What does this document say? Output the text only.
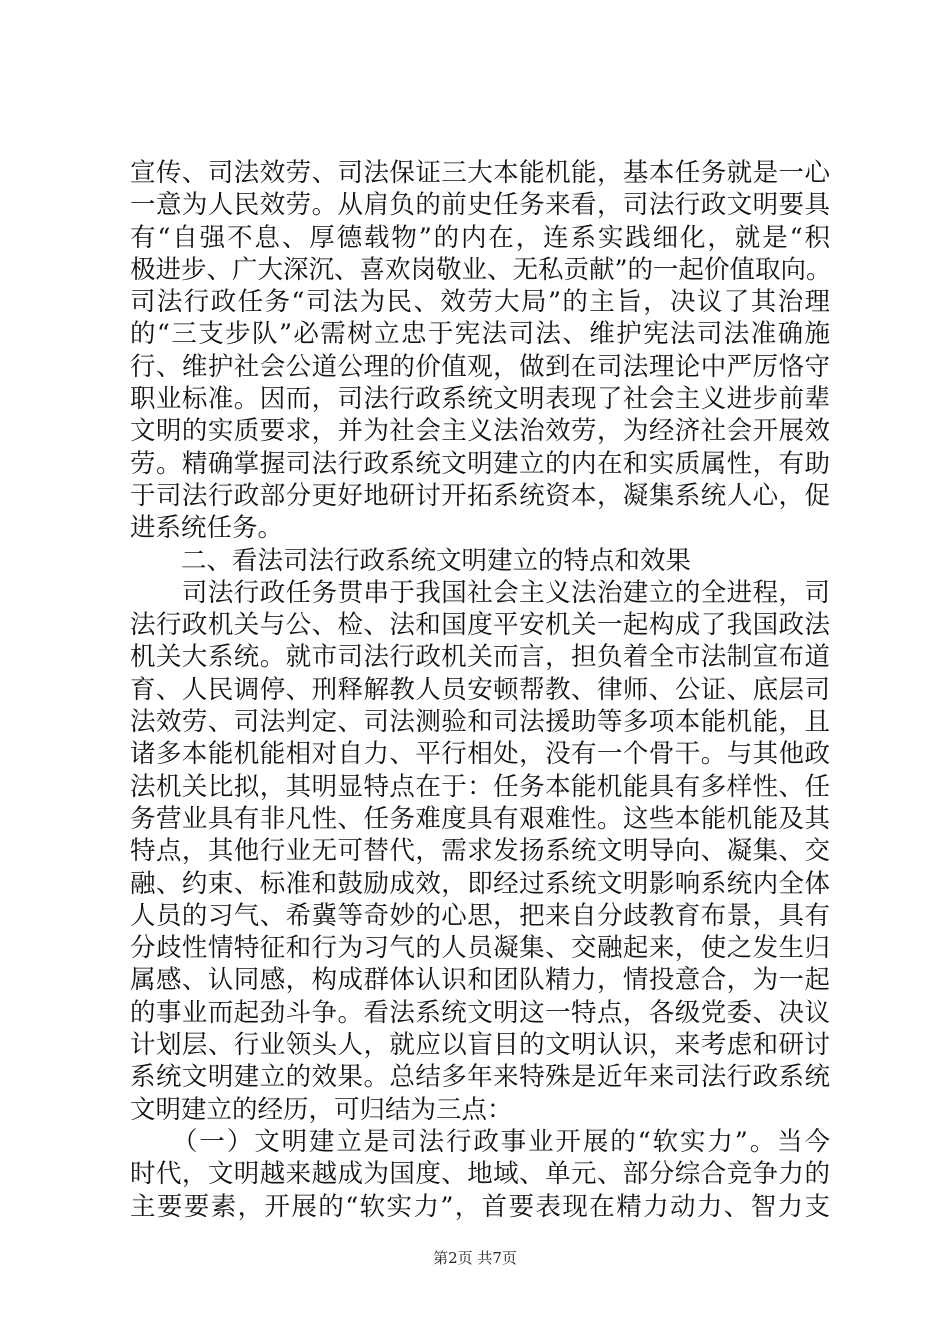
宣传、司法效劳、司法保证三大本能机能，基本任务就是一心
一意为人民效劳。从肩负的前史任务来看，司法行政文明要具
有“自强不息、厚德载物”的内在，连系实践细化，就是“积
极进步、广大深沉、喜欢岗敬业、无私贡献”的一起价值取向。
司法行政任务“司法为民、效劳大局”的主旨，决议了其治理
的“三支步队”必需树立忠于宪法司法、维护宪法司法准确施
行、维护社会公道公理的价值观，做到在司法理论中严厉恪守
职业标准。因而，司法行政系统文明表现了社会主义进步前辈
文明的实质要求，并为社会主义法治效劳，为经济社会开展效
劳。精确掌握司法行政系统文明建立的内在和实质属性，有助
于司法行政部分更好地研讨开拓系统资本，凝集系统人心，促
进系统任务。
　　二、看法司法行政系统文明建立的特点和效果
　　司法行政任务贯串于我国社会主义法治建立的全进程，司
法行政机关与公、检、法和国度平安机关一起构成了我国政法
机关大系统。就市司法行政机关而言，担负着全市法制宣布道
育、人民调停、刑释解教人员安顿帮教、律师、公证、底层司
法效劳、司法判定、司法测验和司法援助等多项本能机能，且
诸多本能机能相对自力、平行相处，没有一个骨干。与其他政
法机关比拟，其明显特点在于：任务本能机能具有多样性、任
务营业具有非凡性、任务难度具有艰难性。这些本能机能及其
特点，其他行业无可替代，需求发扬系统文明导向、凝集、交
融、约束、标准和鼓励成效，即经过系统文明影响系统内全体
人员的习气、希冀等奇妙的心思，把来自分歧教育布景，具有
分歧性情特征和行为习气的人员凝集、交融起来，使之发生归
属感、认同感，构成群体认识和团队精力，情投意合，为一起
的事业而起劲斗争。看法系统文明这一特点，各级党委、决议
计划层、行业领头人，就应以盲目的文明认识，来考虑和研讨
系统文明建立的效果。总结多年来特殊是近年来司法行政系统
文明建立的经历，可归结为三点：
　　（一）文明建立是司法行政事业开展的“软实力”。当今
时代，文明越来越成为国度、地域、单元、部分综合竞争力的
主要要素，开展的“软实力”，首要表现在精力动力、智力支
第2页 共7页
